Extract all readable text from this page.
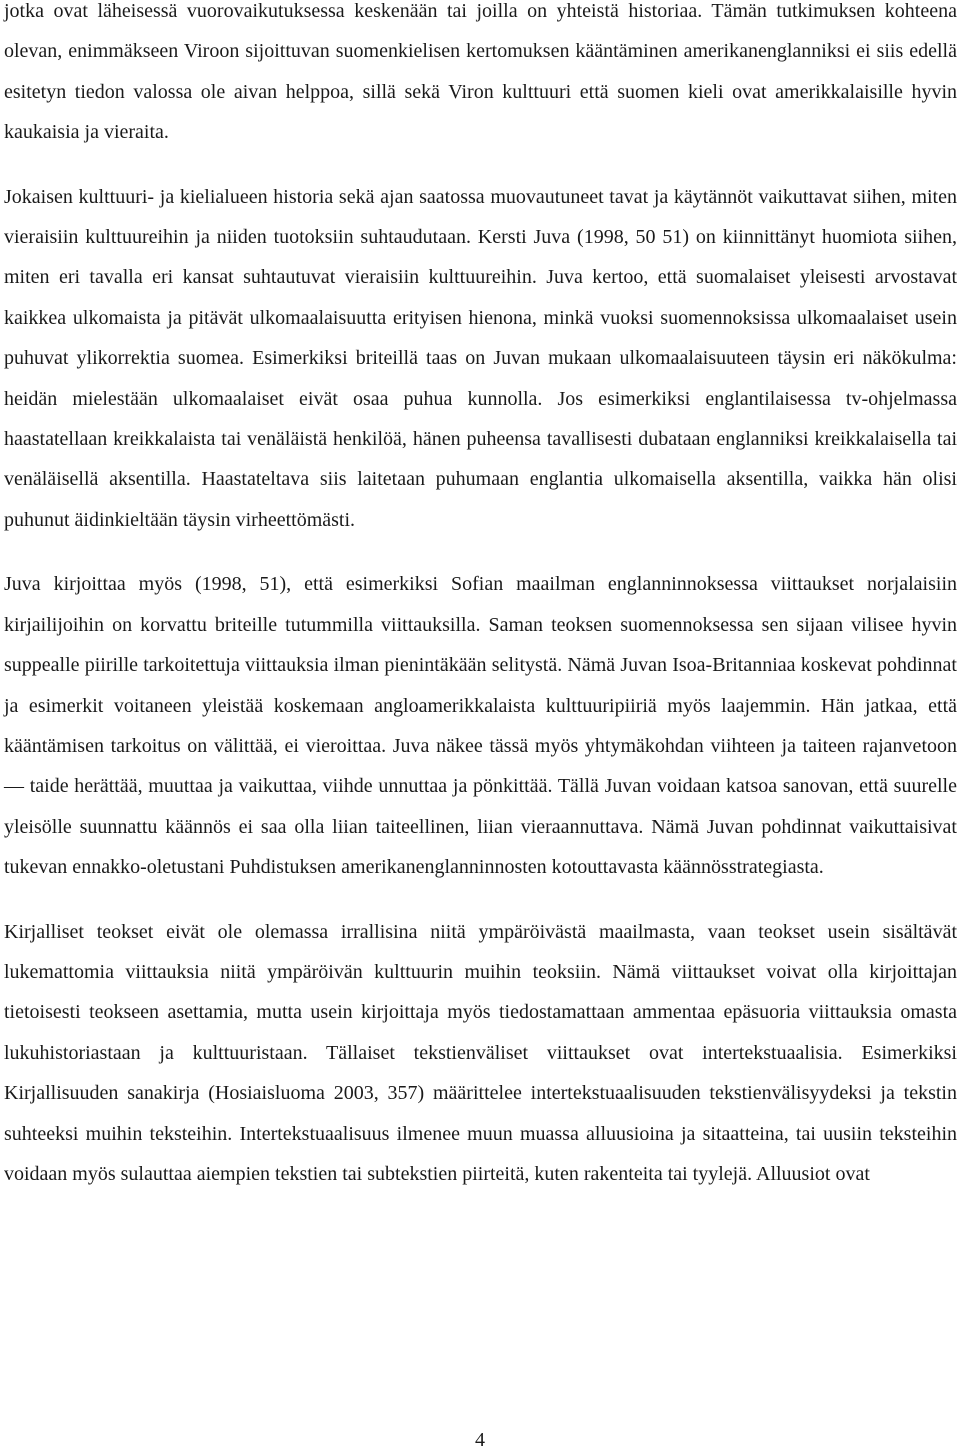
jotka ovat läheisessä vuorovaikutuksessa keskenään tai joilla on yhteistä historiaa. Tämän tutkimuksen kohteena olevan, enimmäkseen Viroon sijoittuvan suomenkielisen kertomuksen kääntäminen amerikanenglanniksi ei siis edellä esitetyn tiedon valossa ole aivan helppoa, sillä sekä Viron kulttuuri että suomen kieli ovat amerikkalaisille hyvin kaukaisia ja vieraita.

Jokaisen kulttuuri- ja kielialueen historia sekä ajan saatossa muovautuneet tavat ja käytännöt vaikuttavat siihen, miten vieraisiin kulttuureihin ja niiden tuotoksiin suhtaudutaan. Kersti Juva (1998, 50 51) on kiinnittänyt huomiota siihen, miten eri tavalla eri kansat suhtautuvat vieraisiin kulttuureihin. Juva kertoo, että suomalaiset yleisesti arvostavat kaikkea ulkomaista ja pitävät ulkomaalaisuutta erityisen hienona, minkä vuoksi suomennoksissa ulkomaalaiset usein puhuvat ylikorrektia suomea. Esimerkiksi briteillä taas on Juvan mukaan ulkomaalaisuuteen täysin eri näkökulma: heidän mielestään ulkomaalaiset eivät osaa puhua kunnolla. Jos esimerkiksi englantilaisessa tv-ohjelmassa haastatellaan kreikkalaista tai venäläistä henkilöä, hänen puheensa tavallisesti dubataan englanniksi kreikkalaisella tai venäläisellä aksentilla. Haastateltava siis laitetaan puhumaan englantia ulkomaisella aksentilla, vaikka hän olisi puhunut äidinkieltään täysin virheettömästi.

Juva kirjoittaa myös (1998, 51), että esimerkiksi Sofian maailman englanninnoksessa viittaukset norjalaisiin kirjailijoihin on korvattu briteille tutummilla viittauksilla. Saman teoksen suomennoksessa sen sijaan vilisee hyvin suppealle piirille tarkoitettuja viittauksia ilman pienintäkään selitystä. Nämä Juvan Isoa-Britanniaa koskevat pohdinnat ja esimerkit voitaneen yleistää koskemaan angloamerikkalaista kulttuuripiiriä myös laajemmin. Hän jatkaa, että kääntämisen tarkoitus on välittää, ei vieroittaa. Juva näkee tässä myös yhtymäkohdan viihteen ja taiteen rajanvetoon — taide herättää, muuttaa ja vaikuttaa, viihde unnuttaa ja pönkittää. Tällä Juvan voidaan katsoa sanovan, että suurelle yleisölle suunnattu käännös ei saa olla liian taiteellinen, liian vieraannuttava. Nämä Juvan pohdinnat vaikuttaisivat tukevan ennakko-oletustani Puhdistuksen amerikanenglanninnosten kotouttavasta käännösstrategiasta.

Kirjalliset teokset eivät ole olemassa irrallisina niitä ympäröivästä maailmasta, vaan teokset usein sisältävät lukemattomia viittauksia niitä ympäröivän kulttuurin muihin teoksiin. Nämä viittaukset voivat olla kirjoittajan tietoisesti teokseen asettamia, mutta usein kirjoittaja myös tiedostamattaan ammentaa epäsuoria viittauksia omasta lukuhistoriastaan ja kulttuuristaan. Tällaiset tekstienväliset viittaukset ovat intertekstuaalisia. Esimerkiksi Kirjallisuuden sanakirja (Hosiaisluoma 2003, 357) määrittelee intertekstuaalisuuden tekstienvälisyydeksi ja tekstin suhteeksi muihin teksteihin. Intertekstuaalisuus ilmenee muun muassa alluusioina ja sitaatteina, tai uusiin teksteihin voidaan myös sulauttaa aiempien tekstien tai subtekstien piirteitä, kuten rakenteita tai tyylejä. Alluusiot ovat

4
